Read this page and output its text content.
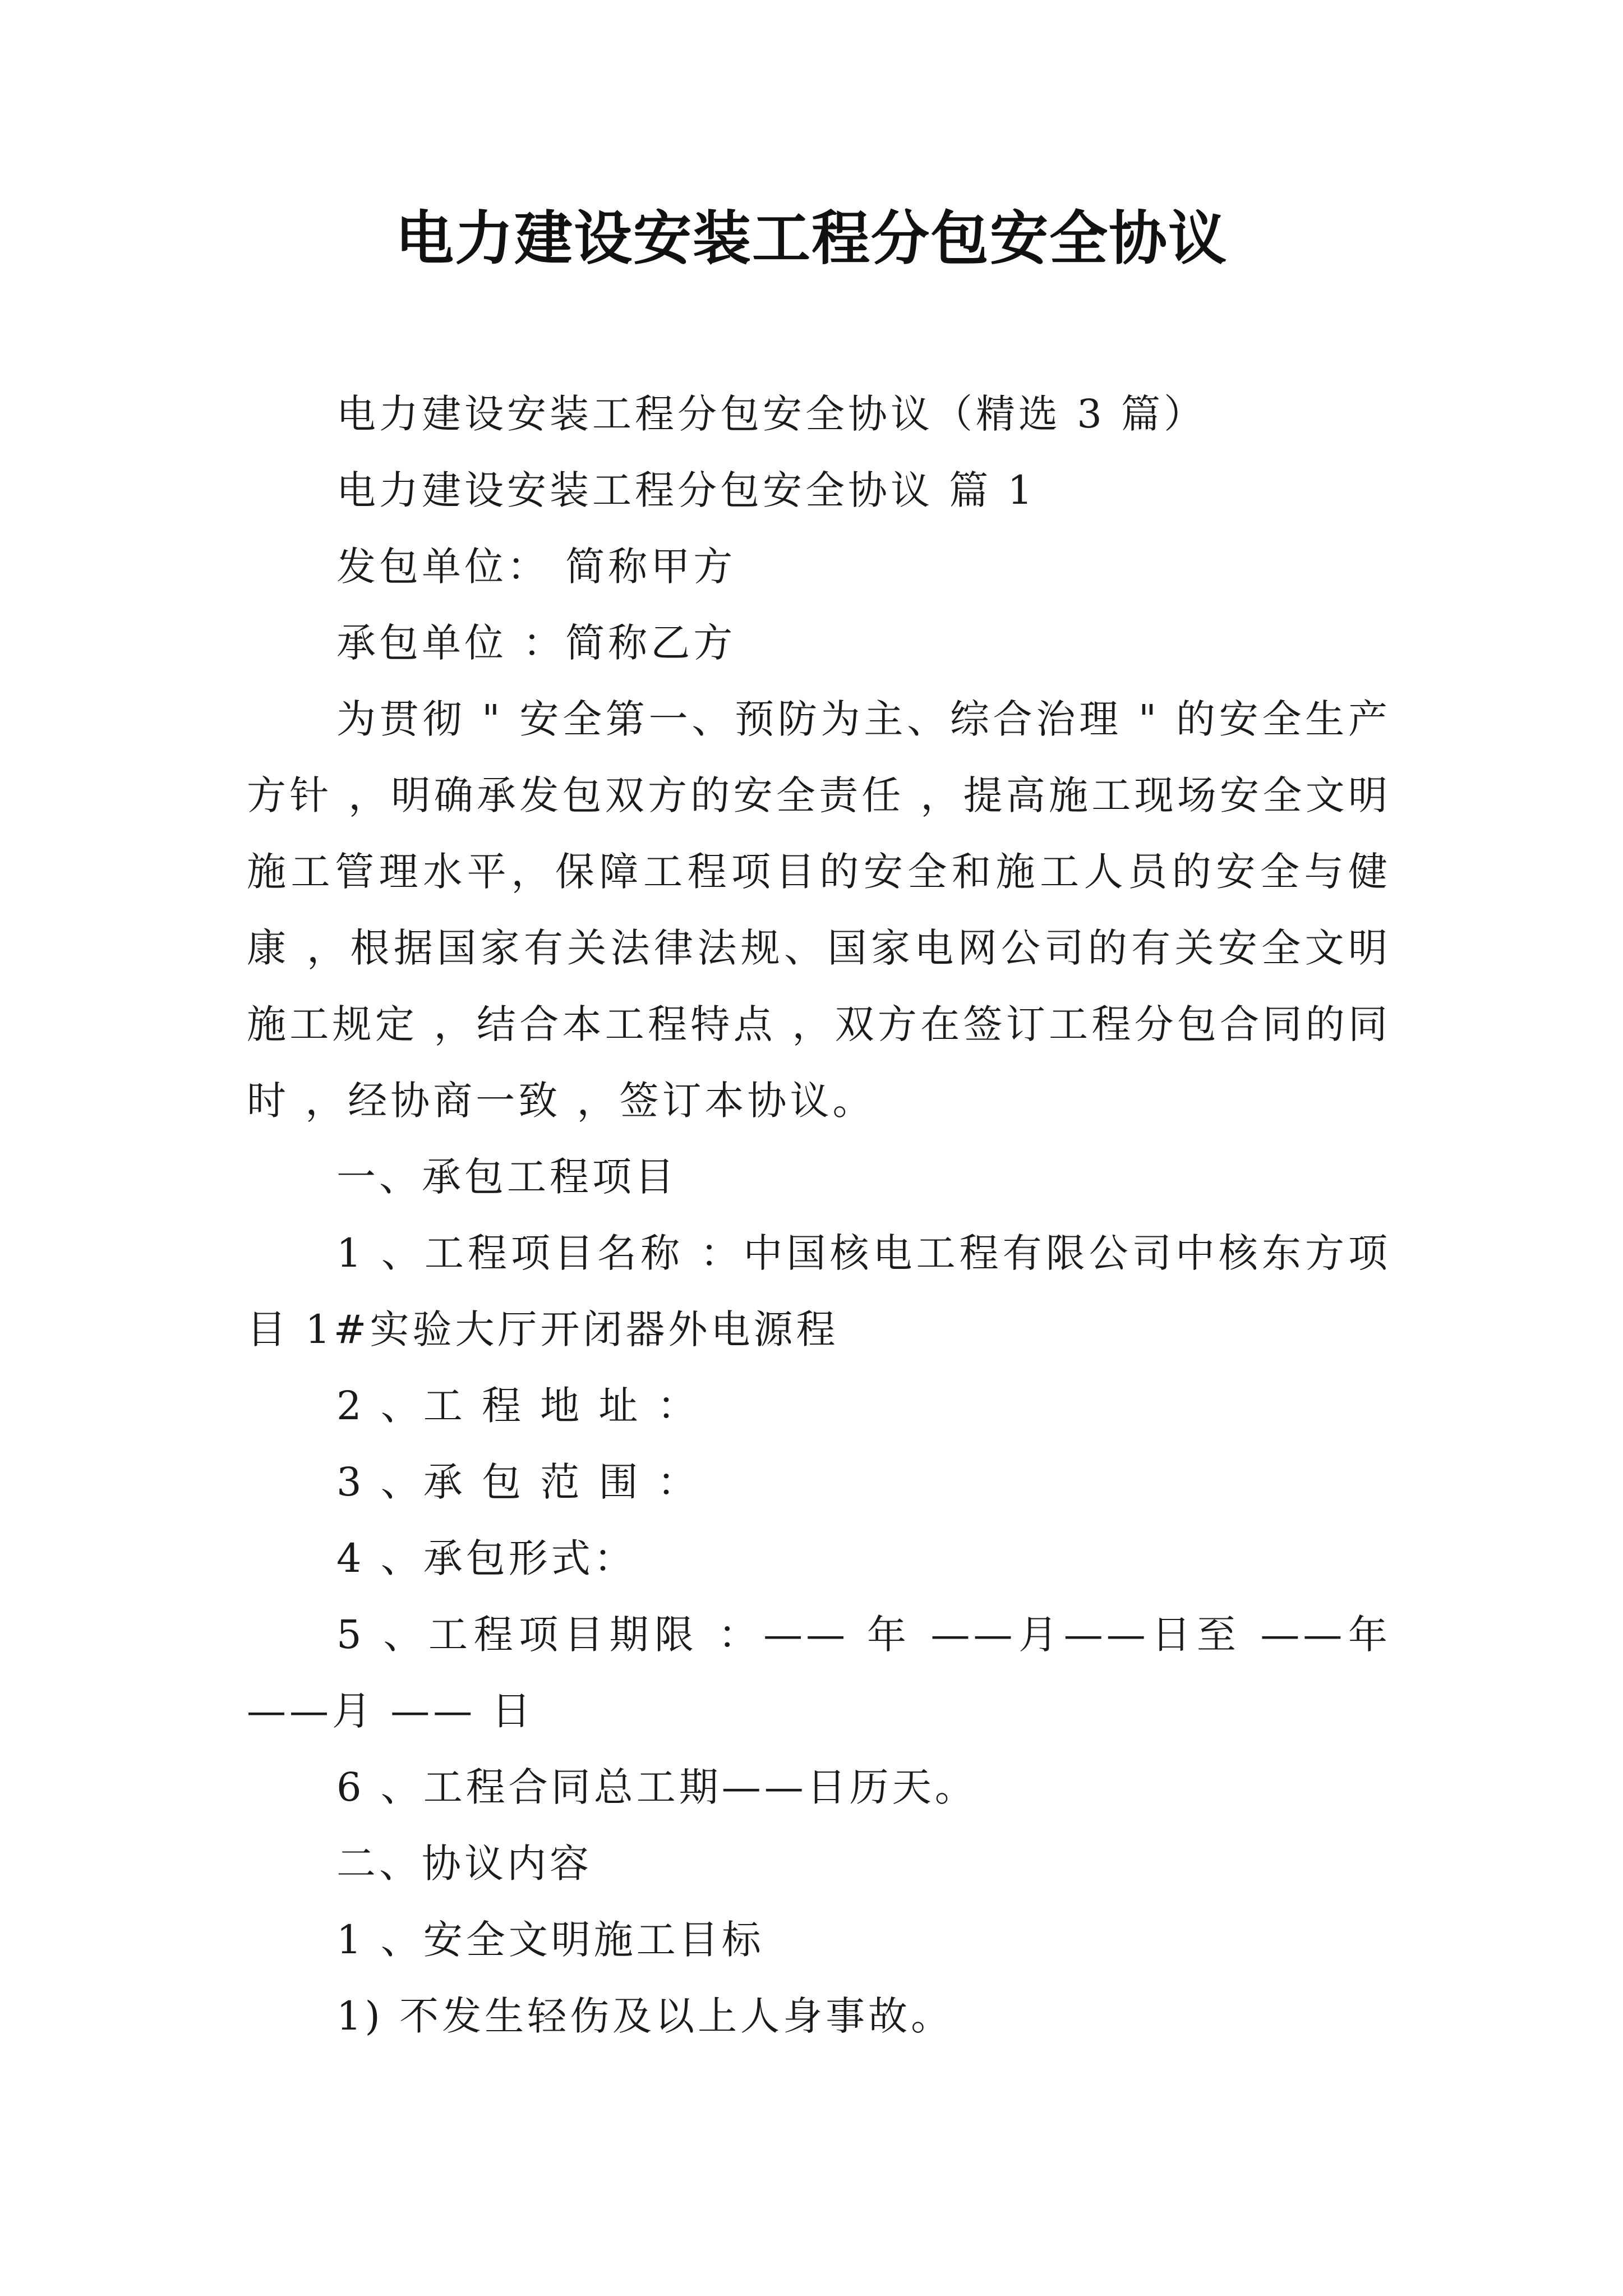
电力建设安装工程分包安全协议

电力建设安装工程分包安全协议（精选 3 篇）

电力建设安装工程分包安全协议 篇 1

发包单位： 简称甲方

承包单位 ：简称乙方

为贯彻 " 安全第一、预防为主、综合治理 " 的安全生产方针 ，明确承发包双方的安全责任 ，提高施工现场安全文明施工管理水平，保障工程项目的安全和施工人员的安全与健康 ，根据国家有关法律法规、国家电网公司的有关安全文明施工规定 ，结合本工程特点 ，双方在签订工程分包合同的同时 ，经协商一致 ，签订本协议。

一、承包工程项目

1 、工程项目名称 ：中国核电工程有限公司中核东方项目 1#实验大厅开闭器外电源程

2 、工 程 地 址 ：

3 、承 包 范 围 ：

4 、承包形式：

5 、工程项目期限 ：—— 年 ——月——日至 ——年——月 —— 日

6 、工程合同总工期——日历天。

二、协议内容

1 、安全文明施工目标

1) 不发生轻伤及以上人身事故。
